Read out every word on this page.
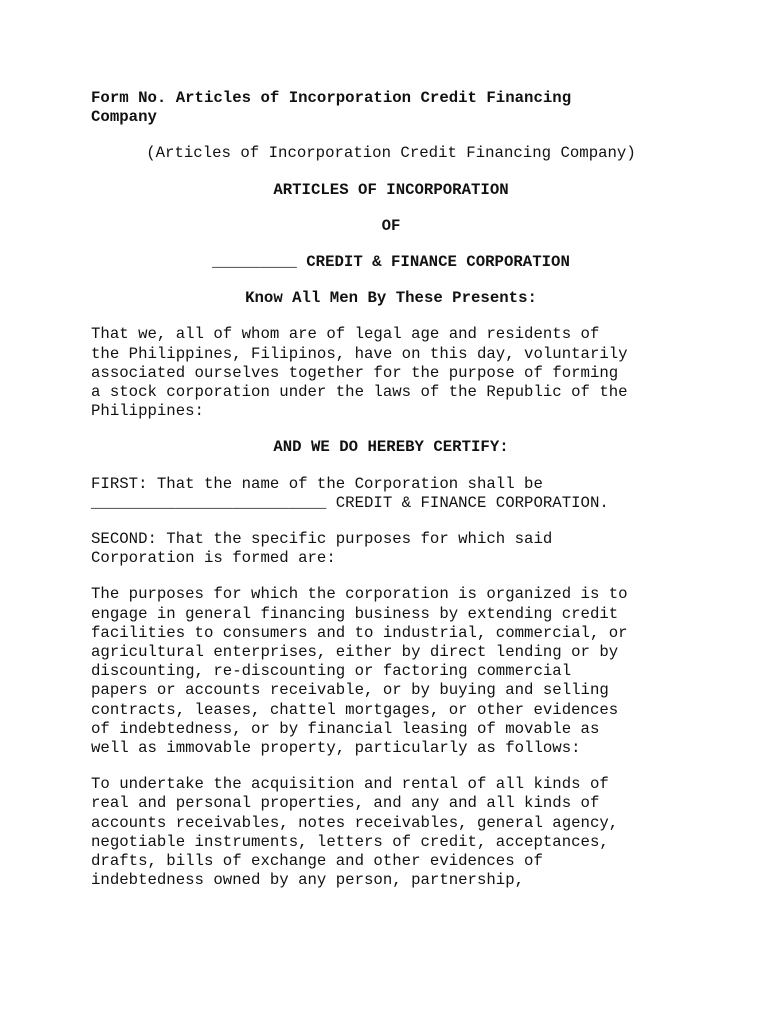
Form No. Articles of Incorporation Credit Financing
Company
(Articles of Incorporation Credit Financing Company)
ARTICLES OF INCORPORATION
OF
_________ CREDIT & FINANCE CORPORATION
Know All Men By These Presents:
That we, all of whom are of legal age and residents of
the Philippines, Filipinos, have on this day, voluntarily
associated ourselves together for the purpose of forming
a stock corporation under the laws of the Republic of the
Philippines:
AND WE DO HEREBY CERTIFY:
FIRST: That the name of the Corporation shall be
_________________________ CREDIT & FINANCE CORPORATION.
SECOND: That the specific purposes for which said
Corporation is formed are:
The purposes for which the corporation is organized is to
engage in general financing business by extending credit
facilities to consumers and to industrial, commercial, or
agricultural enterprises, either by direct lending or by
discounting, re-discounting or factoring commercial
papers or accounts receivable, or by buying and selling
contracts, leases, chattel mortgages, or other evidences
of indebtedness, or by financial leasing of movable as
well as immovable property, particularly as follows:
To undertake the acquisition and rental of all kinds of
real and personal properties, and any and all kinds of
accounts receivables, notes receivables, general agency,
negotiable instruments, letters of credit, acceptances,
drafts, bills of exchange and other evidences of
indebtedness owned by any person, partnership,
